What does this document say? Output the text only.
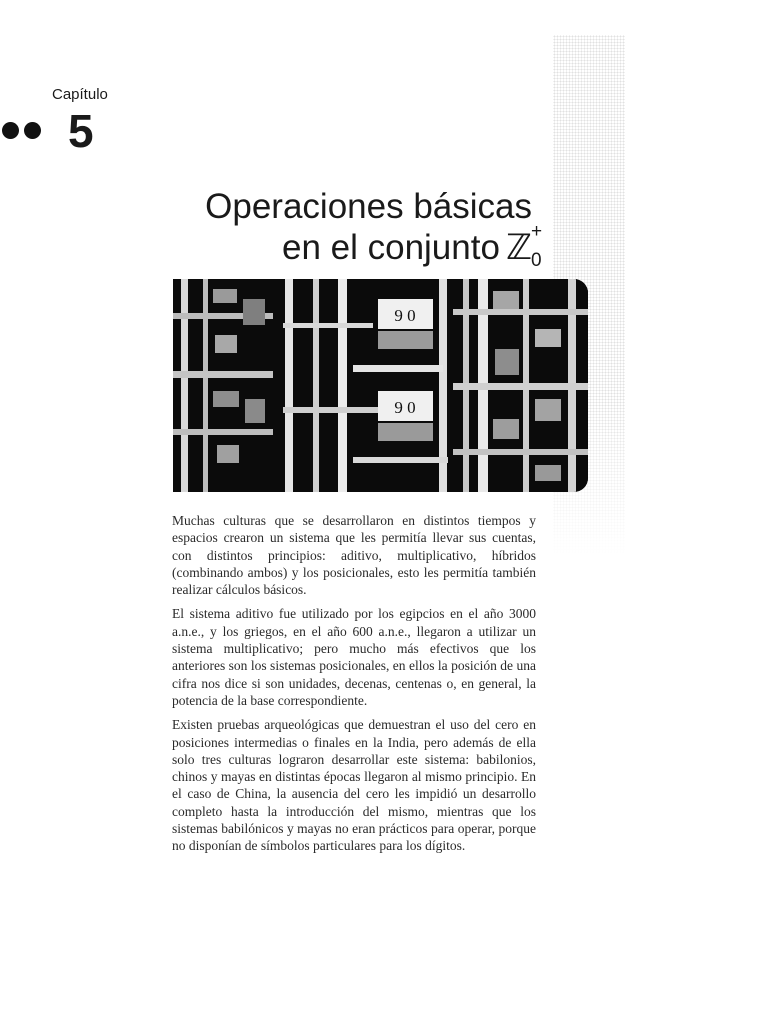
Capítulo
5
Operaciones básicas
en el conjunto ℤ
+
0
9 0
9 0

Muchas culturas que se desarrollaron en distintos tiempos y espacios crearon un sistema que les permitía llevar sus cuentas, con distintos principios: aditivo, multiplicativo, híbridos (combinando ambos) y los posicionales, esto les permitía también realizar cálculos básicos.

El sistema aditivo fue utilizado por los egipcios en el año 3000 a.n.e., y los griegos, en el año 600 a.n.e., llegaron a utilizar un sistema multiplicativo; pero mucho más efectivos que los anteriores son los sistemas posicionales, en ellos la posición de una cifra nos dice si son unidades, decenas, centenas o, en general, la potencia de la base correspondiente.

Existen pruebas arqueológicas que demuestran el uso del cero en posiciones intermedias o finales en la India, pero además de ella solo tres culturas lograron desarrollar este sistema: babilonios, chinos y mayas en distintas épocas llegaron al mismo principio. En el caso de China, la ausencia del cero les impidió un desarrollo completo hasta la introducción del mismo, mientras que los sistemas babilónicos y mayas no eran prácticos para operar, porque no disponían de símbolos particulares para los dígitos.
